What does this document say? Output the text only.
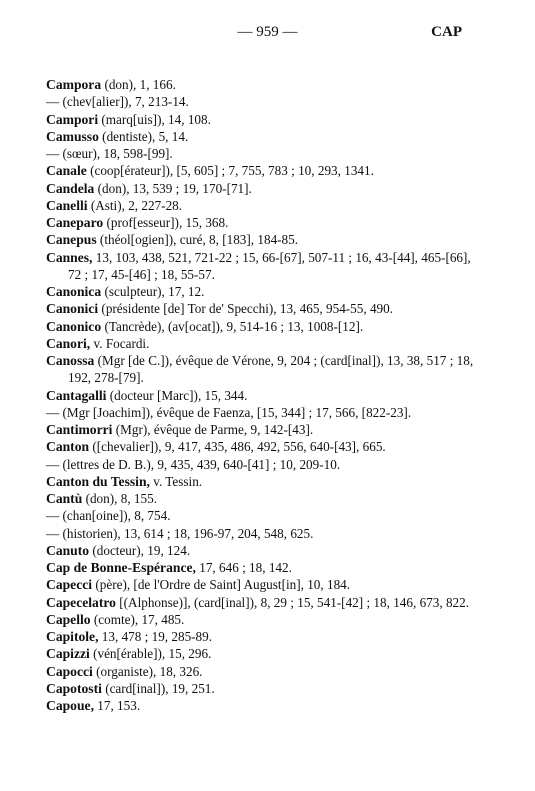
— 959 —	CAP
Campora (don), 1, 166.
— (chev[alier]), 7, 213-14.
Campori (marq[uis]), 14, 108.
Camusso (dentiste), 5, 14.
— (sœur), 18, 598-[99].
Canale (coop[érateur]), [5, 605] ; 7, 755, 783 ; 10, 293, 1341.
Candela (don), 13, 539 ; 19, 170-[71].
Canelli (Asti), 2, 227-28.
Caneparo (prof[esseur]), 15, 368.
Canepus (théol[ogien]), curé, 8, [183], 184-85.
Cannes, 13, 103, 438, 521, 721-22 ; 15, 66-[67], 507-11 ; 16, 43-[44], 465-[66], 72 ; 17, 45-[46] ; 18, 55-57.
Canonica (sculpteur), 17, 12.
Canonici (présidente [de] Tor de' Specchi), 13, 465, 954-55, 490.
Canonico (Tancrède), (av[ocat]), 9, 514-16 ; 13, 1008-[12].
Canori, v. Focardi.
Canossa (Mgr [de C.]), évêque de Vérone, 9, 204 ; (card[inal]), 13, 38, 517 ; 18, 192, 278-[79].
Cantagalli (docteur [Marc]), 15, 344.
— (Mgr [Joachim]), évêque de Faenza, [15, 344] ; 17, 566, [822-23].
Cantimorri (Mgr), évêque de Parme, 9, 142-[43].
Canton ([chevalier]), 9, 417, 435, 486, 492, 556, 640-[43], 665.
— (lettres de D. B.), 9, 435, 439, 640-[41] ; 10, 209-10.
Canton du Tessin, v. Tessin.
Cantù (don), 8, 155.
— (chan[oine]), 8, 754.
— (historien), 13, 614 ; 18, 196-97, 204, 548, 625.
Canuto (docteur), 19, 124.
Cap de Bonne-Espérance, 17, 646 ; 18, 142.
Capecci (père), [de l'Ordre de Saint] August[in], 10, 184.
Capecelatro [(Alphonse)], (card[inal]), 8, 29 ; 15, 541-[42] ; 18, 146, 673, 822.
Capello (comte), 17, 485.
Capitole, 13, 478 ; 19, 285-89.
Capizzi (vén[érable]), 15, 296.
Capocci (organiste), 18, 326.
Capotosti (card[inal]), 19, 251.
Capoue, 17, 153.
